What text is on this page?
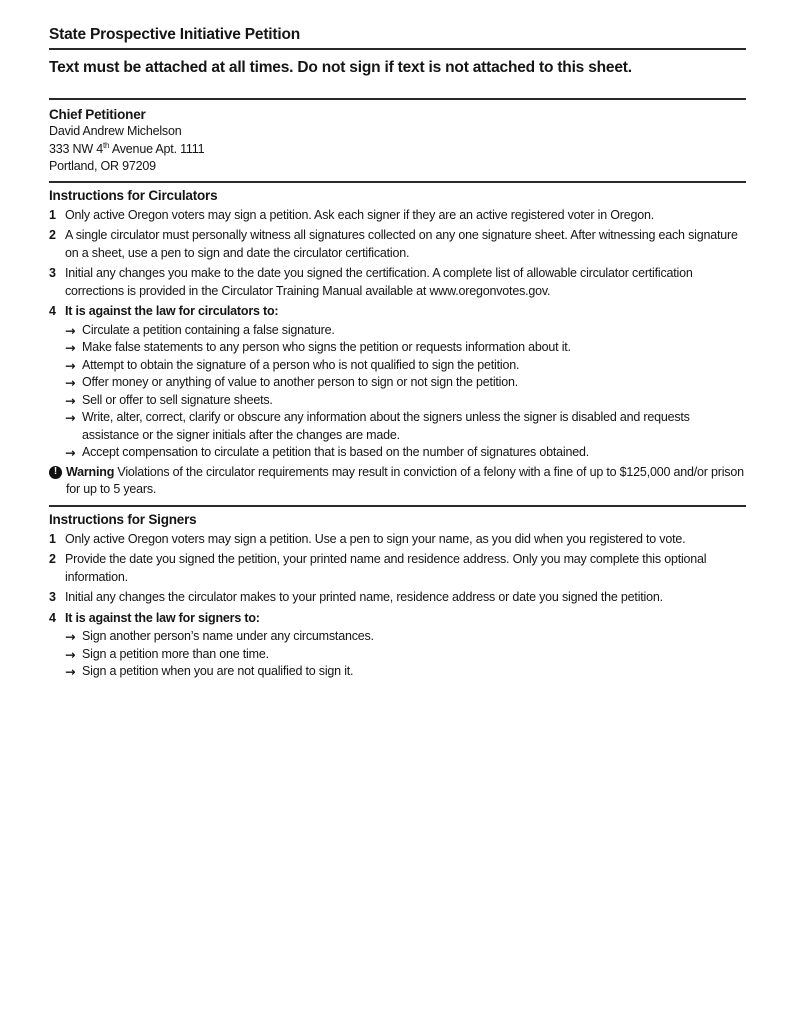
State Prospective Initiative Petition
Text must be attached at all times. Do not sign if text is not attached to this sheet.
Chief Petitioner
David Andrew Michelson
333 NW 4th Avenue Apt. 1111
Portland, OR 97209
Instructions for Circulators
1 Only active Oregon voters may sign a petition. Ask each signer if they are an active registered voter in Oregon.
2 A single circulator must personally witness all signatures collected on any one signature sheet. After witnessing each signature on a sheet, use a pen to sign and date the circulator certification.
3 Initial any changes you make to the date you signed the certification. A complete list of allowable circulator certification corrections is provided in the Circulator Training Manual available at www.oregonvotes.gov.
4 It is against the law for circulators to:
→ Circulate a petition containing a false signature.
→ Make false statements to any person who signs the petition or requests information about it.
→ Attempt to obtain the signature of a person who is not qualified to sign the petition.
→ Offer money or anything of value to another person to sign or not sign the petition.
→ Sell or offer to sell signature sheets.
→ Write, alter, correct, clarify or obscure any information about the signers unless the signer is disabled and requests assistance or the signer initials after the changes are made.
→ Accept compensation to circulate a petition that is based on the number of signatures obtained.
! Warning Violations of the circulator requirements may result in conviction of a felony with a fine of up to $125,000 and/or prison for up to 5 years.
Instructions for Signers
1 Only active Oregon voters may sign a petition. Use a pen to sign your name, as you did when you registered to vote.
2 Provide the date you signed the petition, your printed name and residence address. Only you may complete this optional information.
3 Initial any changes the circulator makes to your printed name, residence address or date you signed the petition.
4 It is against the law for signers to:
→ Sign another person’s name under any circumstances.
→ Sign a petition more than one time.
→ Sign a petition when you are not qualified to sign it.
